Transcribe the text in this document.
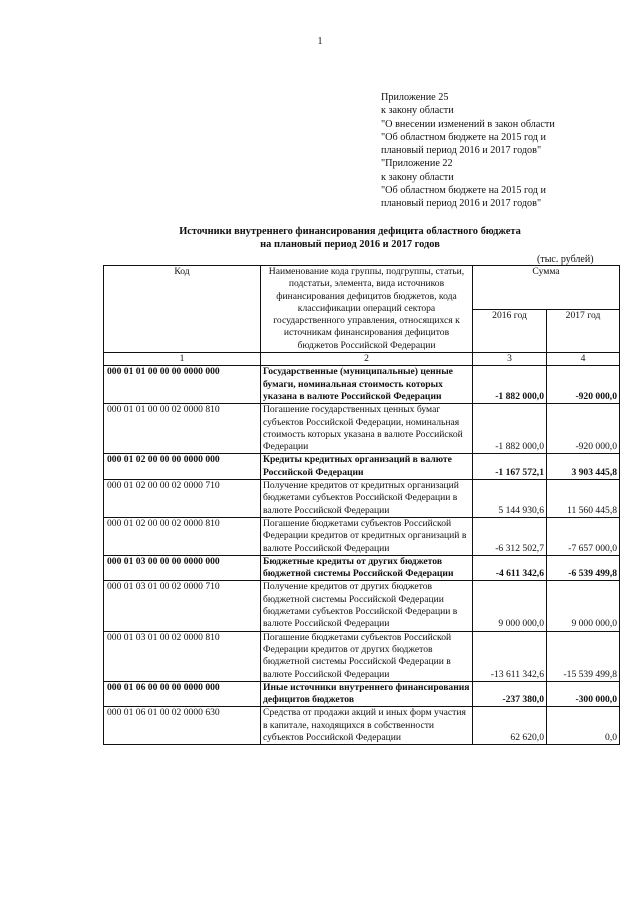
1
Приложение 25
к закону области
"О внесении изменений в закон области
"Об областном бюджете на 2015 год и
плановый период 2016 и 2017 годов"
"Приложение 22
к закону области
"Об областном бюджете на 2015 год и
плановый период 2016 и 2017 годов"
Источники внутреннего финансирования дефицита областного бюджета
на плановый период 2016 и 2017 годов
(тыс. рублей)
Код	Наименование кода группы, подгруппы, статьи, подстатьи, элемента, вида источников финансирования дефицитов бюджетов, кода классификации операций сектора государственного управления, относящихся к источникам финансирования дефицитов бюджетов Российской Федерации	Сумма	
		2016 год	2017 год
1	2	3	4
000 01 01 00 00 00 0000 000	Государственные (муниципальные) ценные бумаги, номинальная стоимость которых указана в валюте Российской Федерации	-1 882 000,0	-920 000,0
000 01 01 00 00 02 0000 810	Погашение государственных ценных бумаг субъектов Российской Федерации, номинальная стоимость которых указана в валюте Российской Федерации	-1 882 000,0	-920 000,0
000 01 02 00 00 00 0000 000	Кредиты кредитных организаций в валюте Российской Федерации	-1 167 572,1	3 903 445,8
000 01 02 00 00 02 0000 710	Получение кредитов от кредитных организаций бюджетами субъектов Российской Федерации в валюте Российской Федерации	5 144 930,6	11 560 445,8
000 01 02 00 00 02 0000 810	Погашение бюджетами субъектов Российской Федерации кредитов от кредитных организаций в валюте Российской Федерации	-6 312 502,7	-7 657 000,0
000 01 03 00 00 00 0000 000	Бюджетные кредиты от других бюджетов бюджетной системы Российской Федерации	-4 611 342,6	-6 539 499,8
000 01 03 01 00 02 0000 710	Получение кредитов от других бюджетов бюджетной системы Российской Федерации бюджетами субъектов Российской Федерации в валюте Российской Федерации	9 000 000,0	9 000 000,0
000 01 03 01 00 02 0000 810	Погашение бюджетами субъектов Российской Федерации кредитов от других бюджетов бюджетной системы Российской Федерации в валюте Российской Федерации	-13 611 342,6	-15 539 499,8
000 01 06 00 00 00 0000 000	Иные источники внутреннего финансирования дефицитов бюджетов	-237 380,0	-300 000,0
000 01 06 01 00 02 0000 630	Средства от продажи акций и иных форм участия в капитале, находящихся в собственности субъектов Российской Федерации	62 620,0	0,0
